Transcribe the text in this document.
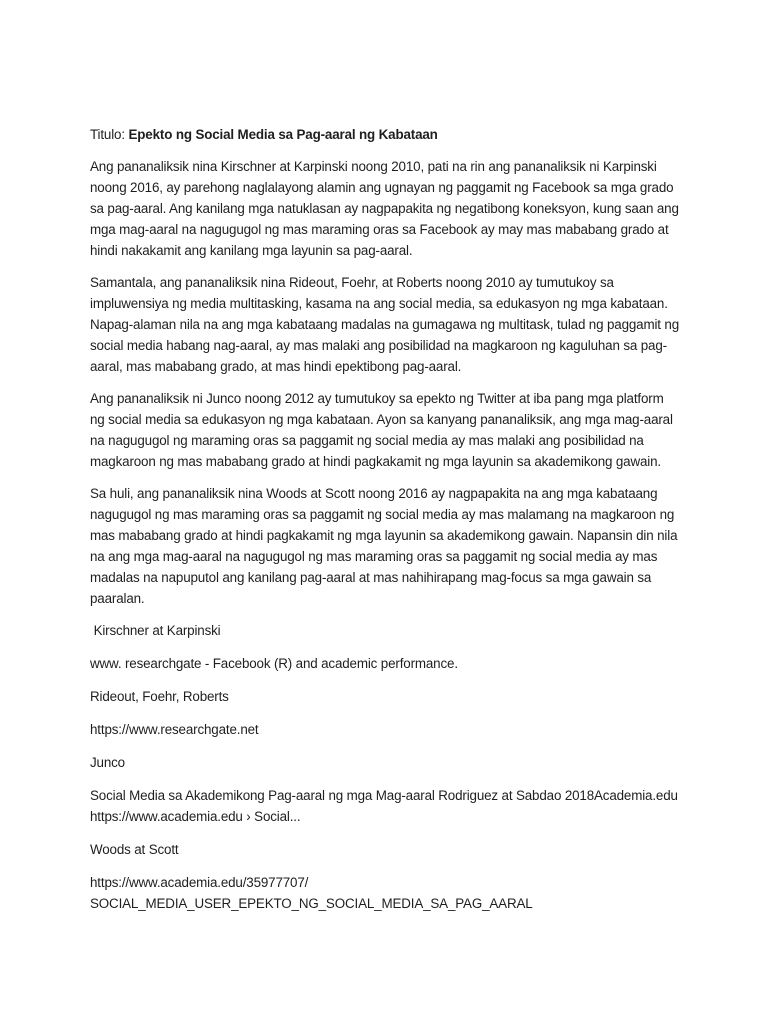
Titulo: Epekto ng Social Media sa Pag-aaral ng Kabataan

Ang pananaliksik nina Kirschner at Karpinski noong 2010, pati na rin ang pananaliksik ni Karpinski noong 2016, ay parehong naglalayong alamin ang ugnayan ng paggamit ng Facebook sa mga grado sa pag-aaral. Ang kanilang mga natuklasan ay nagpapakita ng negatibong koneksyon, kung saan ang mga mag-aaral na nagugugol ng mas maraming oras sa Facebook ay may mas mababang grado at hindi nakakamit ang kanilang mga layunin sa pag-aaral.

Samantala, ang pananaliksik nina Rideout, Foehr, at Roberts noong 2010 ay tumutukoy sa impluwensiya ng media multitasking, kasama na ang social media, sa edukasyon ng mga kabataan. Napag-alaman nila na ang mga kabataang madalas na gumagawa ng multitask, tulad ng paggamit ng social media habang nag-aaral, ay mas malaki ang posibilidad na magkaroon ng kaguluhan sa pag-aaral, mas mababang grado, at mas hindi epektibong pag-aaral.

Ang pananaliksik ni Junco noong 2012 ay tumutukoy sa epekto ng Twitter at iba pang mga platform ng social media sa edukasyon ng mga kabataan. Ayon sa kanyang pananaliksik, ang mga mag-aaral na nagugugol ng maraming oras sa paggamit ng social media ay mas malaki ang posibilidad na magkaroon ng mas mababang grado at hindi pagkakamit ng mga layunin sa akademikong gawain.

Sa huli, ang pananaliksik nina Woods at Scott noong 2016 ay nagpapakita na ang mga kabataang nagugugol ng mas maraming oras sa paggamit ng social media ay mas malamang na magkaroon ng mas mababang grado at hindi pagkakamit ng mga layunin sa akademikong gawain. Napansin din nila na ang mga mag-aaral na nagugugol ng mas maraming oras sa paggamit ng social media ay mas madalas na napuputol ang kanilang pag-aaral at mas nahihirapang mag-focus sa mga gawain sa paaralan.

Kirschner at Karpinski

www. researchgate - Facebook (R) and academic performance.

Rideout, Foehr, Roberts

https://www.researchgate.net

Junco

Social Media sa Akademikong Pag-aaral ng mga Mag-aaral Rodriguez at Sabdao 2018Academia.edu
https://www.academia.edu › Social...

Woods at Scott

https://www.academia.edu/35977707/
SOCIAL_MEDIA_USER_EPEKTO_NG_SOCIAL_MEDIA_SA_PAG_AARAL
